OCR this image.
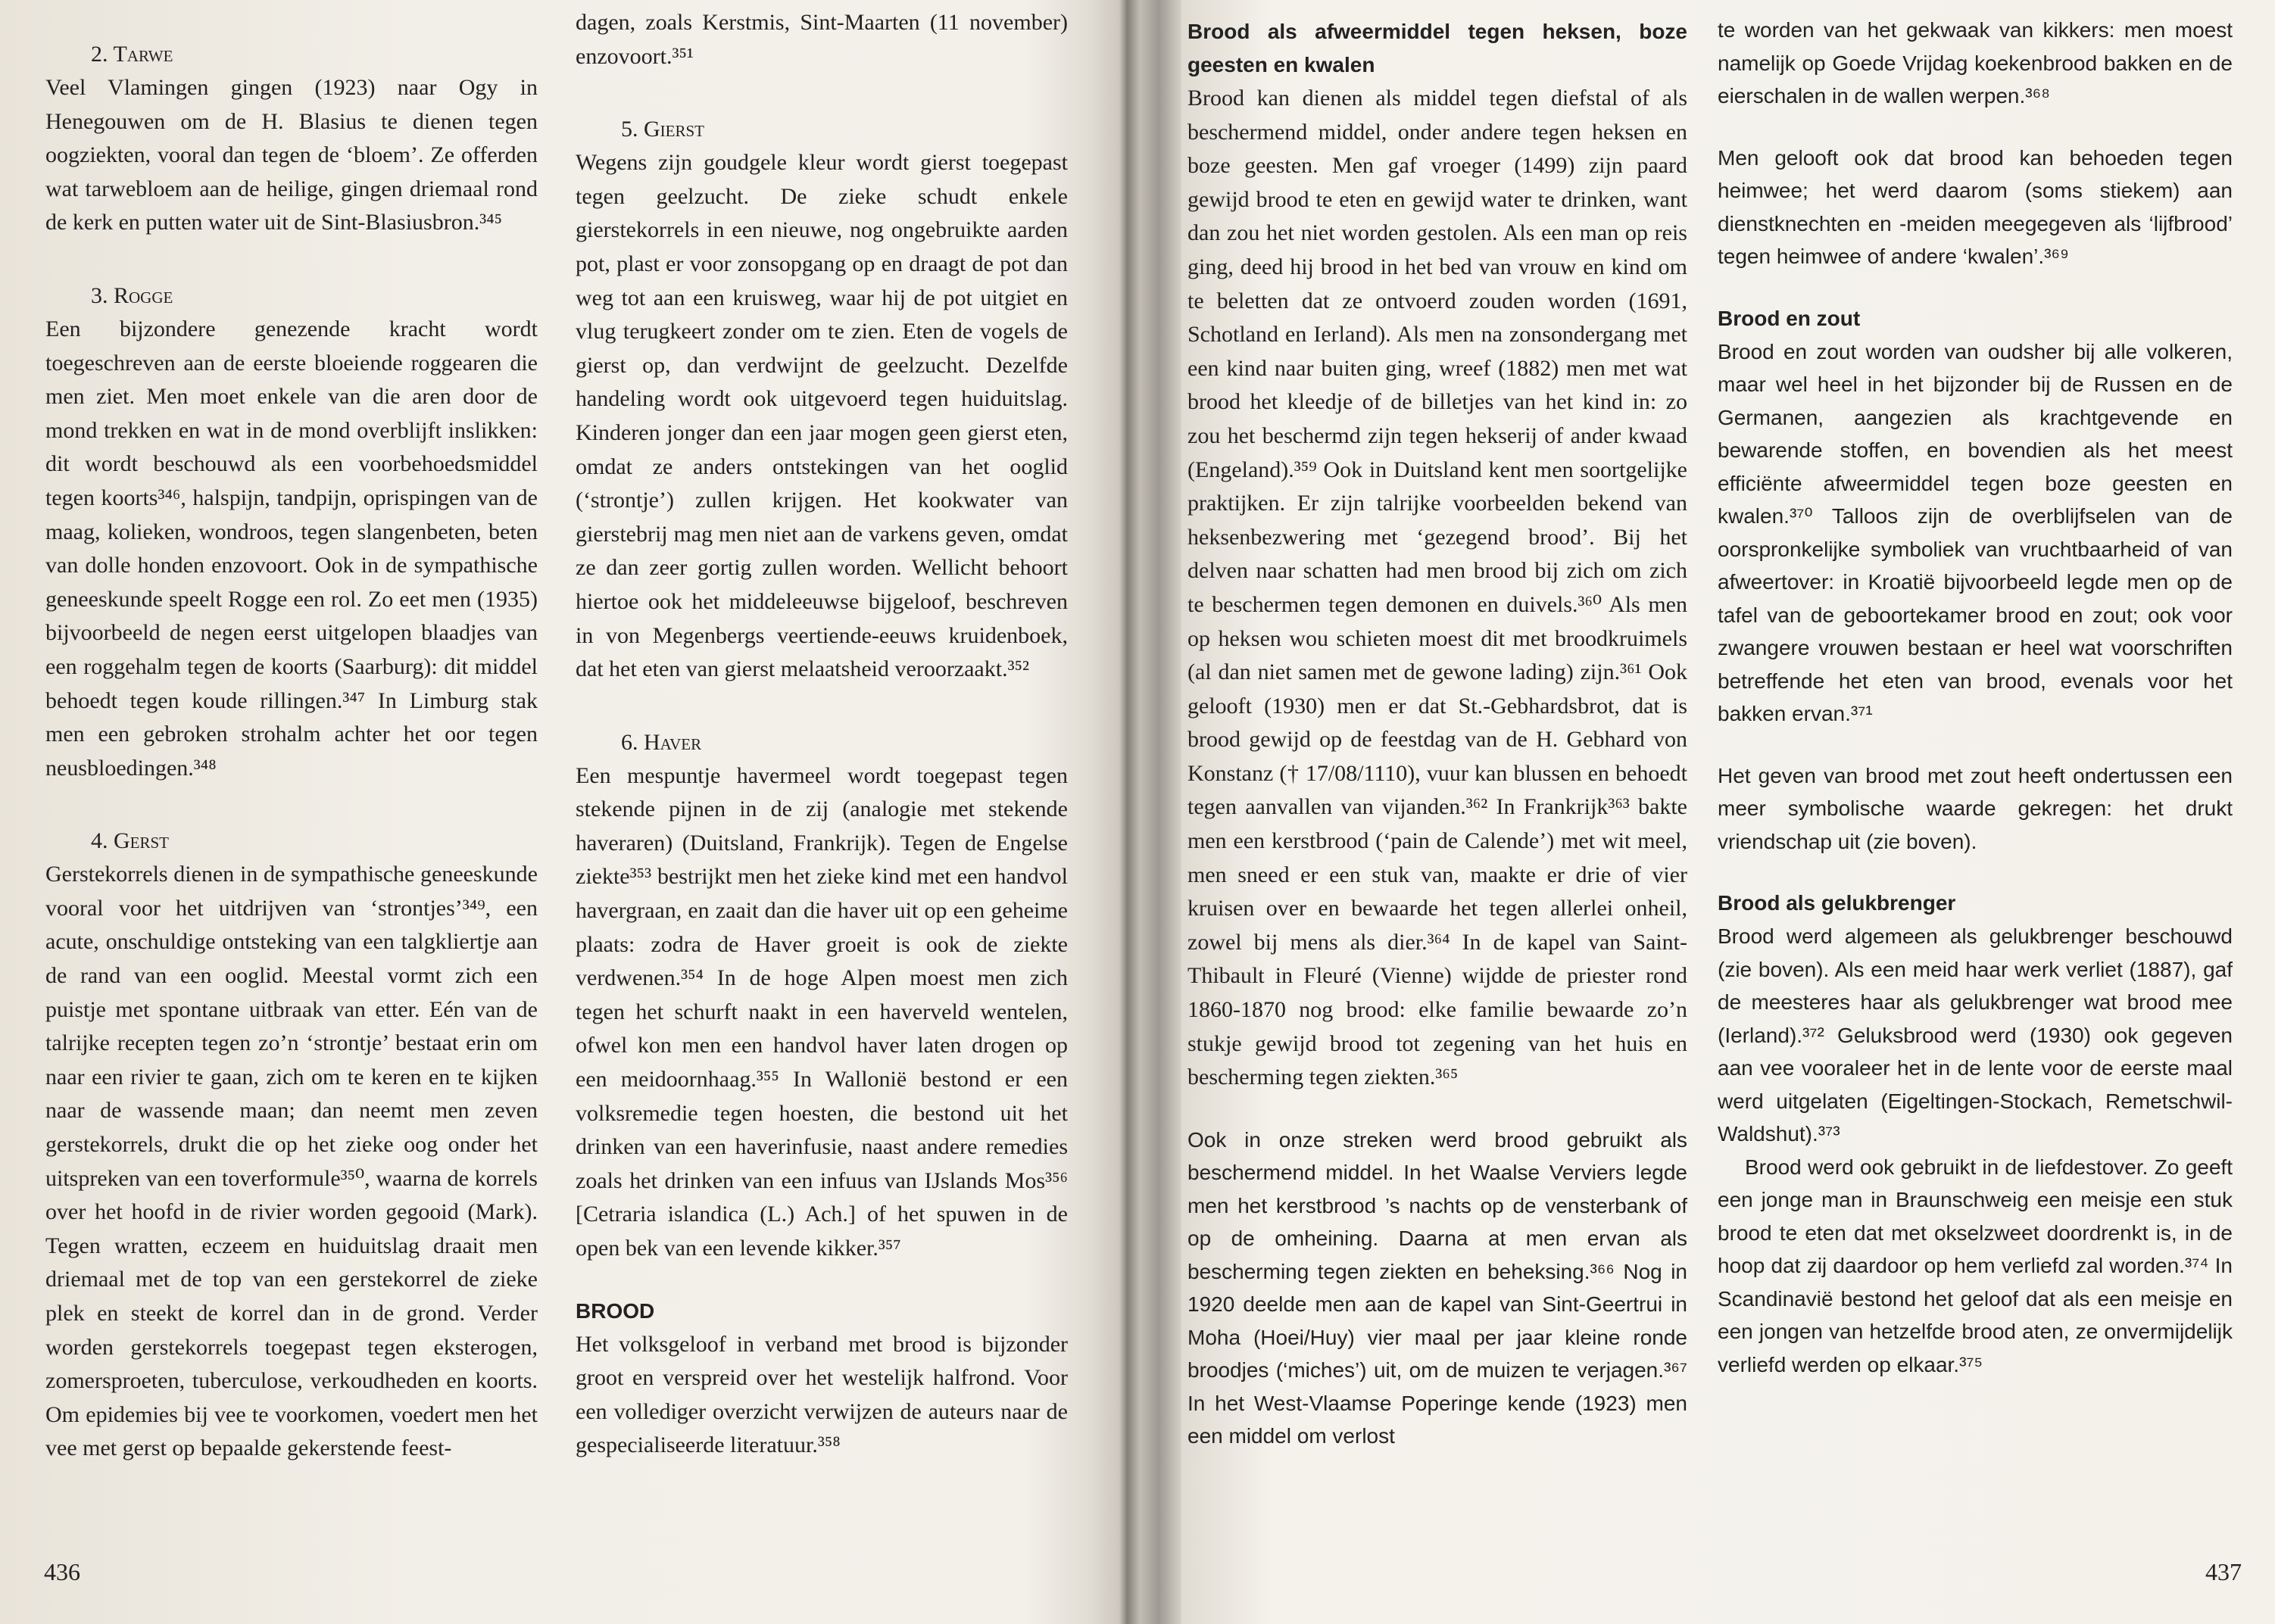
2. Tarwe

Veel Vlamingen gingen (1923) naar Ogy in Henegouwen om de H. Blasius te dienen tegen oogziekten, vooral dan tegen de ‘bloem’. Ze offerden wat tarwebloem aan de heilige, gingen driemaal rond de kerk en putten water uit de Sint-Blasiusbron.³⁴⁵

3. Rogge

Een bijzondere genezende kracht wordt toegeschreven aan de eerste bloeiende roggearen die men ziet. Men moet enkele van die aren door de mond trekken en wat in de mond overblijft inslikken: dit wordt beschouwd als een voorbehoedsmiddel tegen koorts³⁴⁶, halspijn, tandpijn, oprispingen van de maag, kolieken, wondroos, tegen slangenbeten, beten van dolle honden enzovoort. Ook in de sympathische geneeskunde speelt Rogge een rol. Zo eet men (1935) bijvoorbeeld de negen eerst uitgelopen blaadjes van een roggehalm tegen de koorts (Saarburg): dit middel behoedt tegen koude rillingen.³⁴⁷ In Limburg stak men een gebroken strohalm achter het oor tegen neusbloedingen.³⁴⁸

4. Gerst

Gerstekorrels dienen in de sympathische geneeskunde vooral voor het uitdrijven van ‘strontjes’³⁴⁹, een acute, onschuldige ontsteking van een talgkliertje aan de rand van een ooglid. Meestal vormt zich een puistje met spontane uitbraak van etter. Eén van de talrijke recepten tegen zo’n ‘strontje’ bestaat erin om naar een rivier te gaan, zich om te keren en te kijken naar de wassende maan; dan neemt men zeven gerstekorrels, drukt die op het zieke oog onder het uitspreken van een toverformule³⁵⁰, waarna de korrels over het hoofd in de rivier worden gegooid (Mark). Tegen wratten, eczeem en huiduitslag draait men driemaal met de top van een gerstekorrel de zieke plek en steekt de korrel dan in de grond. Verder worden gerstekorrels toegepast tegen eksterogen, zomersproeten, tuberculose, verkoudheden en koorts. Om epidemies bij vee te voorkomen, voedert men het vee met gerst op bepaalde gekerstende feest-

dagen, zoals Kerstmis, Sint-Maarten (11 november) enzovoort.³⁵¹

5. Gierst

Wegens zijn goudgele kleur wordt gierst toegepast tegen geelzucht. De zieke schudt enkele gierstekorrels in een nieuwe, nog ongebruikte aarden pot, plast er voor zonsopgang op en draagt de pot dan weg tot aan een kruisweg, waar hij de pot uitgiet en vlug terugkeert zonder om te zien. Eten de vogels de gierst op, dan verdwijnt de geelzucht. Dezelfde handeling wordt ook uitgevoerd tegen huiduitslag. Kinderen jonger dan een jaar mogen geen gierst eten, omdat ze anders ontstekingen van het ooglid (‘strontje’) zullen krijgen. Het kookwater van gierstebrij mag men niet aan de varkens geven, omdat ze dan zeer gortig zullen worden. Wellicht behoort hiertoe ook het middeleeuwse bijgeloof, beschreven in von Megenbergs veertiende-eeuws kruidenboek, dat het eten van gierst melaatsheid veroorzaakt.³⁵²

6. Haver

Een mespuntje havermeel wordt toegepast tegen stekende pijnen in de zij (analogie met stekende haveraren) (Duitsland, Frankrijk). Tegen de Engelse ziekte³⁵³ bestrijkt men het zieke kind met een handvol havergraan, en zaait dan die haver uit op een geheime plaats: zodra de Haver groeit is ook de ziekte verdwenen.³⁵⁴ In de hoge Alpen moest men zich tegen het schurft naakt in een haverveld wentelen, ofwel kon men een handvol haver laten drogen op een meidoornhaag.³⁵⁵ In Wallonië bestond er een volksremedie tegen hoesten, die bestond uit het drinken van een haverinfusie, naast andere remedies zoals het drinken van een infuus van IJslands Mos³⁵⁶ [Cetraria islandica (L.) Ach.] of het spuwen in de open bek van een levende kikker.³⁵⁷

BROOD

Het volksgeloof in verband met brood is bijzonder groot en verspreid over het westelijk halfrond. Voor een vollediger overzicht verwijzen de auteurs naar de gespecialiseerde literatuur.³⁵⁸

436

Brood als afweermiddel tegen heksen, boze geesten en kwalen

Brood kan dienen als middel tegen diefstal of als beschermend middel, onder andere tegen heksen en boze geesten. Men gaf vroeger (1499) zijn paard gewijd brood te eten en gewijd water te drinken, want dan zou het niet worden gestolen. Als een man op reis ging, deed hij brood in het bed van vrouw en kind om te beletten dat ze ontvoerd zouden worden (1691, Schotland en Ierland). Als men na zonsondergang met een kind naar buiten ging, wreef (1882) men met wat brood het kleedje of de billetjes van het kind in: zo zou het beschermd zijn tegen hekserij of ander kwaad (Engeland).³⁵⁹ Ook in Duitsland kent men soortgelijke praktijken. Er zijn talrijke voorbeelden bekend van heksenbezwering met ‘gezegend brood’. Bij het delven naar schatten had men brood bij zich om zich te beschermen tegen demonen en duivels.³⁶⁰ Als men op heksen wou schieten moest dit met broodkruimels (al dan niet samen met de gewone lading) zijn.³⁶¹ Ook gelooft (1930) men er dat St.-Gebhardsbrot, dat is brood gewijd op de feestdag van de H. Gebhard von Konstanz († 17/08/1110), vuur kan blussen en behoedt tegen aanvallen van vijanden.³⁶² In Frankrijk³⁶³ bakte men een kerstbrood (‘pain de Calende’) met wit meel, men sneed er een stuk van, maakte er drie of vier kruisen over en bewaarde het tegen allerlei onheil, zowel bij mens als dier.³⁶⁴ In de kapel van Saint-Thibault in Fleuré (Vienne) wijdde de priester rond 1860-1870 nog brood: elke familie bewaarde zo’n stukje gewijd brood tot zegening van het huis en bescherming tegen ziekten.³⁶⁵

Ook in onze streken werd brood gebruikt als beschermend middel. In het Waalse Verviers legde men het kerstbrood ’s nachts op de vensterbank of op de omheining. Daarna at men ervan als bescherming tegen ziekten en beheksing.³⁶⁶ Nog in 1920 deelde men aan de kapel van Sint-Geertrui in Moha (Hoei/Huy) vier maal per jaar kleine ronde broodjes (‘miches’) uit, om de muizen te verjagen.³⁶⁷ In het West-Vlaamse Poperinge kende (1923) men een middel om verlost

te worden van het gekwaak van kikkers: men moest namelijk op Goede Vrijdag koekenbrood bakken en de eierschalen in de wallen werpen.³⁶⁸

Men gelooft ook dat brood kan behoeden tegen heimwee; het werd daarom (soms stiekem) aan dienstknechten en -meiden meegegeven als ‘lijfbrood’ tegen heimwee of andere ‘kwalen’.³⁶⁹

Brood en zout

Brood en zout worden van oudsher bij alle volkeren, maar wel heel in het bijzonder bij de Russen en de Germanen, aangezien als krachtgevende en bewarende stoffen, en bovendien als het meest efficiënte afweermiddel tegen boze geesten en kwalen.³⁷⁰ Talloos zijn de overblijfselen van de oorspronkelijke symboliek van vruchtbaarheid of van afweertover: in Kroatië bijvoorbeeld legde men op de tafel van de geboortekamer brood en zout; ook voor zwangere vrouwen bestaan er heel wat voorschriften betreffende het eten van brood, evenals voor het bakken ervan.³⁷¹

Het geven van brood met zout heeft ondertussen een meer symbolische waarde gekregen: het drukt vriendschap uit (zie boven).

Brood als gelukbrenger

Brood werd algemeen als gelukbrenger beschouwd (zie boven). Als een meid haar werk verliet (1887), gaf de meesteres haar als gelukbrenger wat brood mee (Ierland).³⁷² Geluksbrood werd (1930) ook gegeven aan vee vooraleer het in de lente voor de eerste maal werd uitgelaten (Eigeltingen-Stockach, Remetschwil-Waldshut).³⁷³

Brood werd ook gebruikt in de liefdestover. Zo geeft een jonge man in Braunschweig een meisje een stuk brood te eten dat met okselzweet doordrenkt is, in de hoop dat zij daardoor op hem verliefd zal worden.³⁷⁴ In Scandinavië bestond het geloof dat als een meisje en een jongen van hetzelfde brood aten, ze onvermijdelijk verliefd werden op elkaar.³⁷⁵

437
